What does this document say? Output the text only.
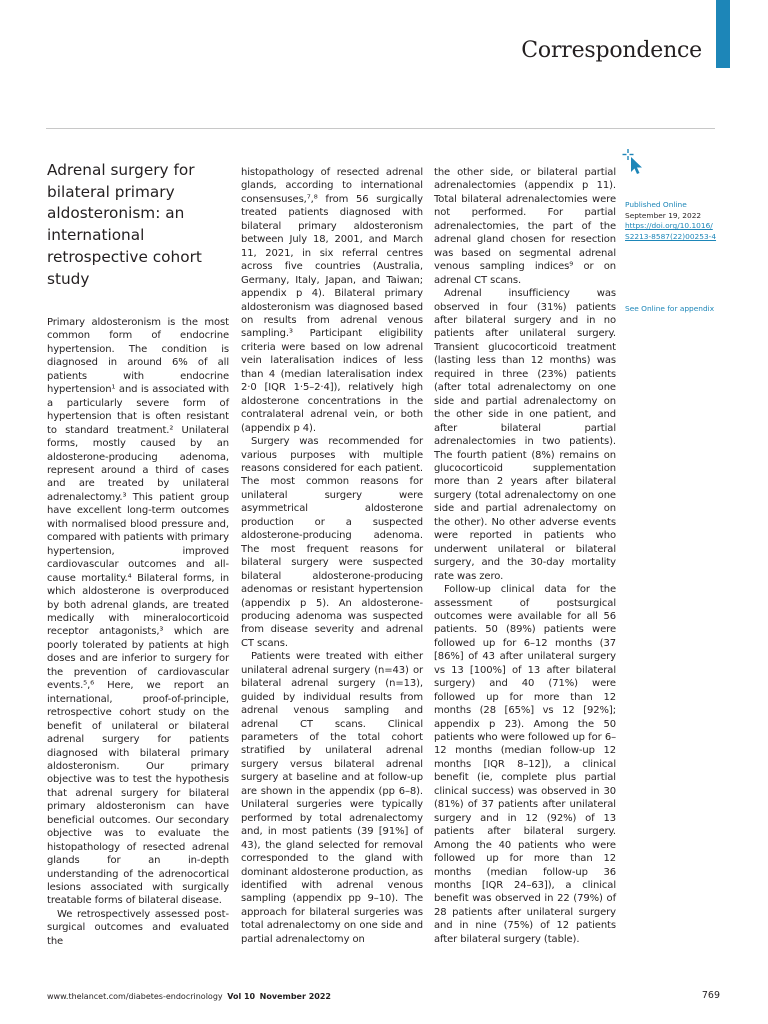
Correspondence
Adrenal surgery for bilateral primary aldosteronism: an international retrospective cohort study

Primary aldosteronism is the most common form of endocrine hypertension. The condition is diagnosed in around 6% of all patients with endocrine hypertension¹ and is associated with a particularly severe form of hypertension that is often resistant to standard treatment.² Unilateral forms, mostly caused by an aldosterone-producing adenoma, represent around a third of cases and are treated by unilateral adrenalectomy.³ This patient group have excellent long-term outcomes with normalised blood pressure and, compared with patients with primary hypertension, improved cardiovascular outcomes and all-cause mortality.⁴ Bilateral forms, in which aldosterone is overproduced by both adrenal glands, are treated medically with mineralocorticoid receptor antagonists,³ which are poorly tolerated by patients at high doses and are inferior to surgery for the prevention of cardiovascular events.⁵,⁶ Here, we report an international, proof-of-principle, retrospective cohort study on the benefit of unilateral or bilateral adrenal surgery for patients diagnosed with bilateral primary aldosteronism. Our primary objective was to test the hypothesis that adrenal surgery for bilateral primary aldosteronism can have beneficial outcomes. Our secondary objective was to evaluate the histopathology of resected adrenal glands for an in-depth understanding of the adrenocortical lesions associated with surgically treatable forms of bilateral disease.

We retrospectively assessed post-surgical outcomes and evaluated the

histopathology of resected adrenal glands, according to international consensuses,⁷,⁸ from 56 surgically treated patients diagnosed with bilateral primary aldosteronism between July 18, 2001, and March 11, 2021, in six referral centres across five countries (Australia, Germany, Italy, Japan, and Taiwan; appendix p 4). Bilateral primary aldosteronism was diagnosed based on results from adrenal venous sampling.³ Participant eligibility criteria were based on low adrenal vein lateralisation indices of less than 4 (median lateralisation index 2·0 [IQR 1·5–2·4]), relatively high aldosterone concentrations in the contralateral adrenal vein, or both (appendix p 4).

Surgery was recommended for various purposes with multiple reasons considered for each patient. The most common reasons for unilateral surgery were asymmetrical aldosterone production or a suspected aldosterone-producing adenoma. The most frequent reasons for bilateral surgery were suspected bilateral aldosterone-producing adenomas or resistant hypertension (appendix p 5). An aldosterone-producing adenoma was suspected from disease severity and adrenal CT scans.

Patients were treated with either unilateral adrenal surgery (n=43) or bilateral adrenal surgery (n=13), guided by individual results from adrenal venous sampling and adrenal CT scans. Clinical parameters of the total cohort stratified by unilateral adrenal surgery versus bilateral adrenal surgery at baseline and at follow-up are shown in the appendix (pp 6–8). Unilateral surgeries were typically performed by total adrenalectomy and, in most patients (39 [91%] of 43), the gland selected for removal corresponded to the gland with dominant aldosterone production, as identified with adrenal venous sampling (appendix pp 9–10). The approach for bilateral surgeries was total adrenalectomy on one side and partial adrenalectomy on

the other side, or bilateral partial adrenalectomies (appendix p 11). Total bilateral adrenalectomies were not performed. For partial adrenalectomies, the part of the adrenal gland chosen for resection was based on segmental adrenal venous sampling indices⁹ or on adrenal CT scans.

Adrenal insufficiency was observed in four (31%) patients after bilateral surgery and in no patients after unilateral surgery. Transient glucocorticoid treatment (lasting less than 12 months) was required in three (23%) patients (after total adrenalectomy on one side and partial adrenalectomy on the other side in one patient, and after bilateral partial adrenalectomies in two patients). The fourth patient (8%) remains on glucocorticoid supplementation more than 2 years after bilateral surgery (total adrenalectomy on one side and partial adrenalectomy on the other). No other adverse events were reported in patients who underwent unilateral or bilateral surgery, and the 30-day mortality rate was zero.

Follow-up clinical data for the assessment of postsurgical outcomes were available for all 56 patients. 50 (89%) patients were followed up for 6–12 months (37 [86%] of 43 after unilateral surgery vs 13 [100%] of 13 after bilateral surgery) and 40 (71%) were followed up for more than 12 months (28 [65%] vs 12 [92%]; appendix p 23). Among the 50 patients who were followed up for 6–12 months (median follow-up 12 months [IQR 8–12]), a clinical benefit (ie, complete plus partial clinical success) was observed in 30 (81%) of 37 patients after unilateral surgery and in 12 (92%) of 13 patients after bilateral surgery. Among the 40 patients who were followed up for more than 12 months (median follow-up 36 months [IQR 24–63]), a clinical benefit was observed in 22 (79%) of 28 patients after unilateral surgery and in nine (75%) of 12 patients after bilateral surgery (table).

Published Online
September 19, 2022
https://doi.org/10.1016/S2213-8587(22)00253-4
See Online for appendix
www.thelancet.com/diabetes-endocrinology Vol 10 November 2022	769
